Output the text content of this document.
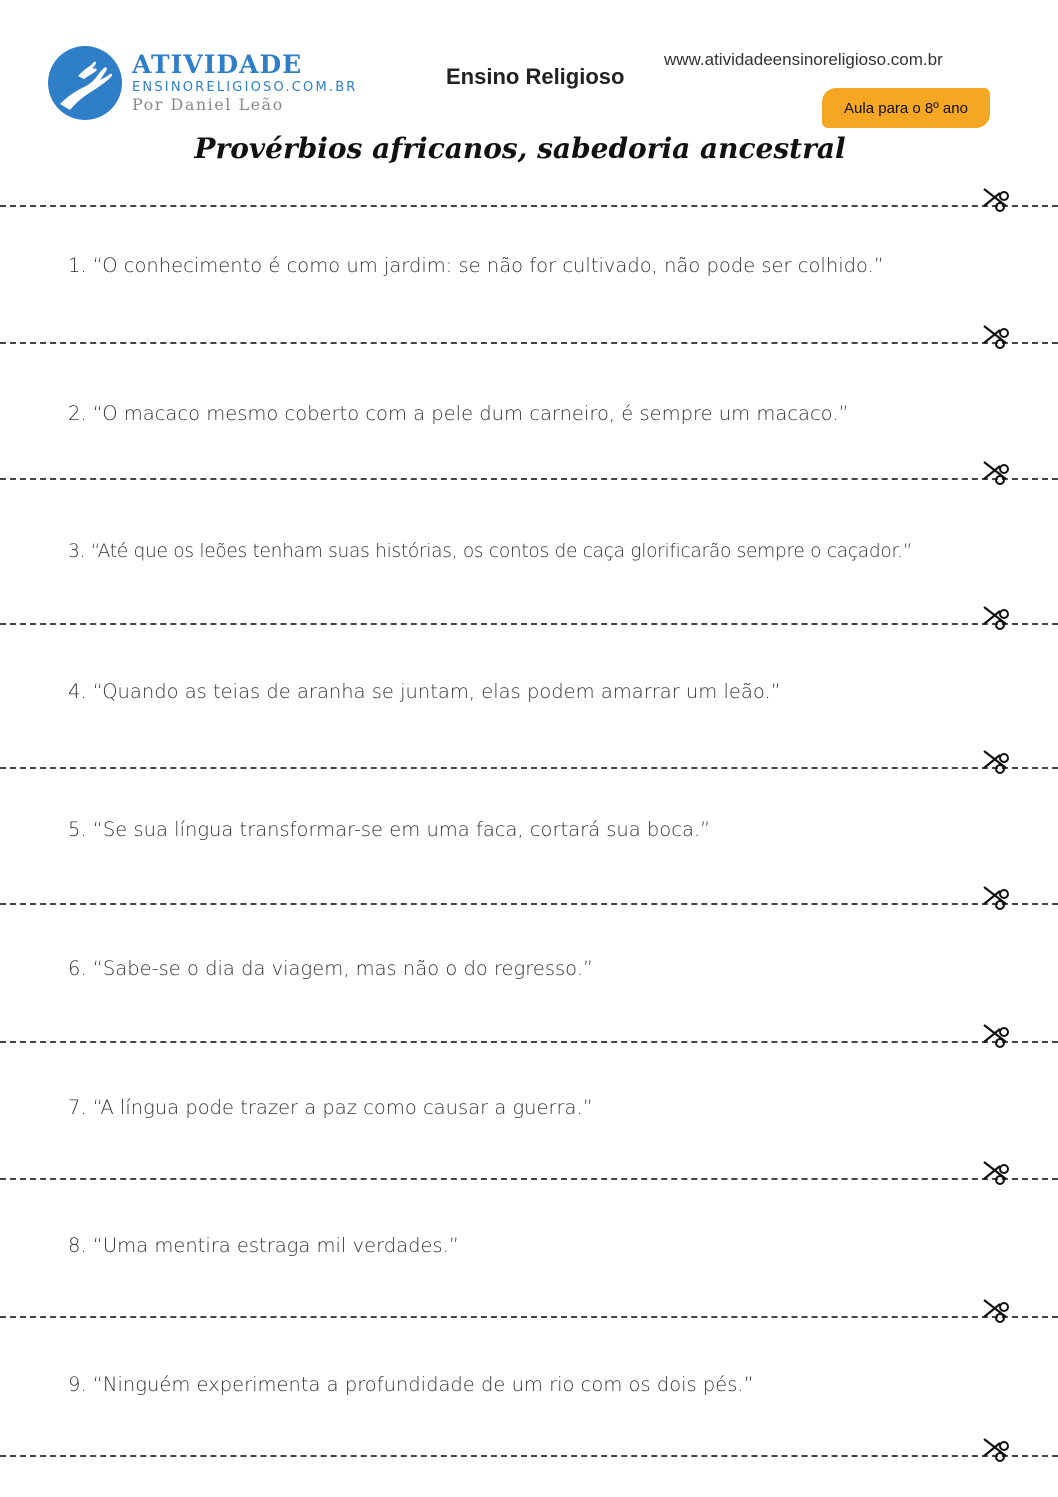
ATIVIDADE
ENSINORELIGIOSO.COM.BR
Por Daniel Leão
Ensino Religioso
www.atividadeensinoreligioso.com.br
Aula para o 8º ano
Provérbios africanos, sabedoria ancestral
1. “O conhecimento é como um jardim: se não for cultivado, não pode ser colhido.”
2. “O macaco mesmo coberto com a pele dum carneiro, é sempre um macaco.”
3. “Até que os leões tenham suas histórias, os contos de caça glorificarão sempre o caçador.”
4. “Quando as teias de aranha se juntam, elas podem amarrar um leão.”
5. “Se sua língua transformar-se em uma faca, cortará sua boca.”
6. “Sabe-se o dia da viagem, mas não o do regresso.”
7. “A língua pode trazer a paz como causar a guerra.”
8. “Uma mentira estraga mil verdades.”
9. “Ninguém experimenta a profundidade de um rio com os dois pés.”
